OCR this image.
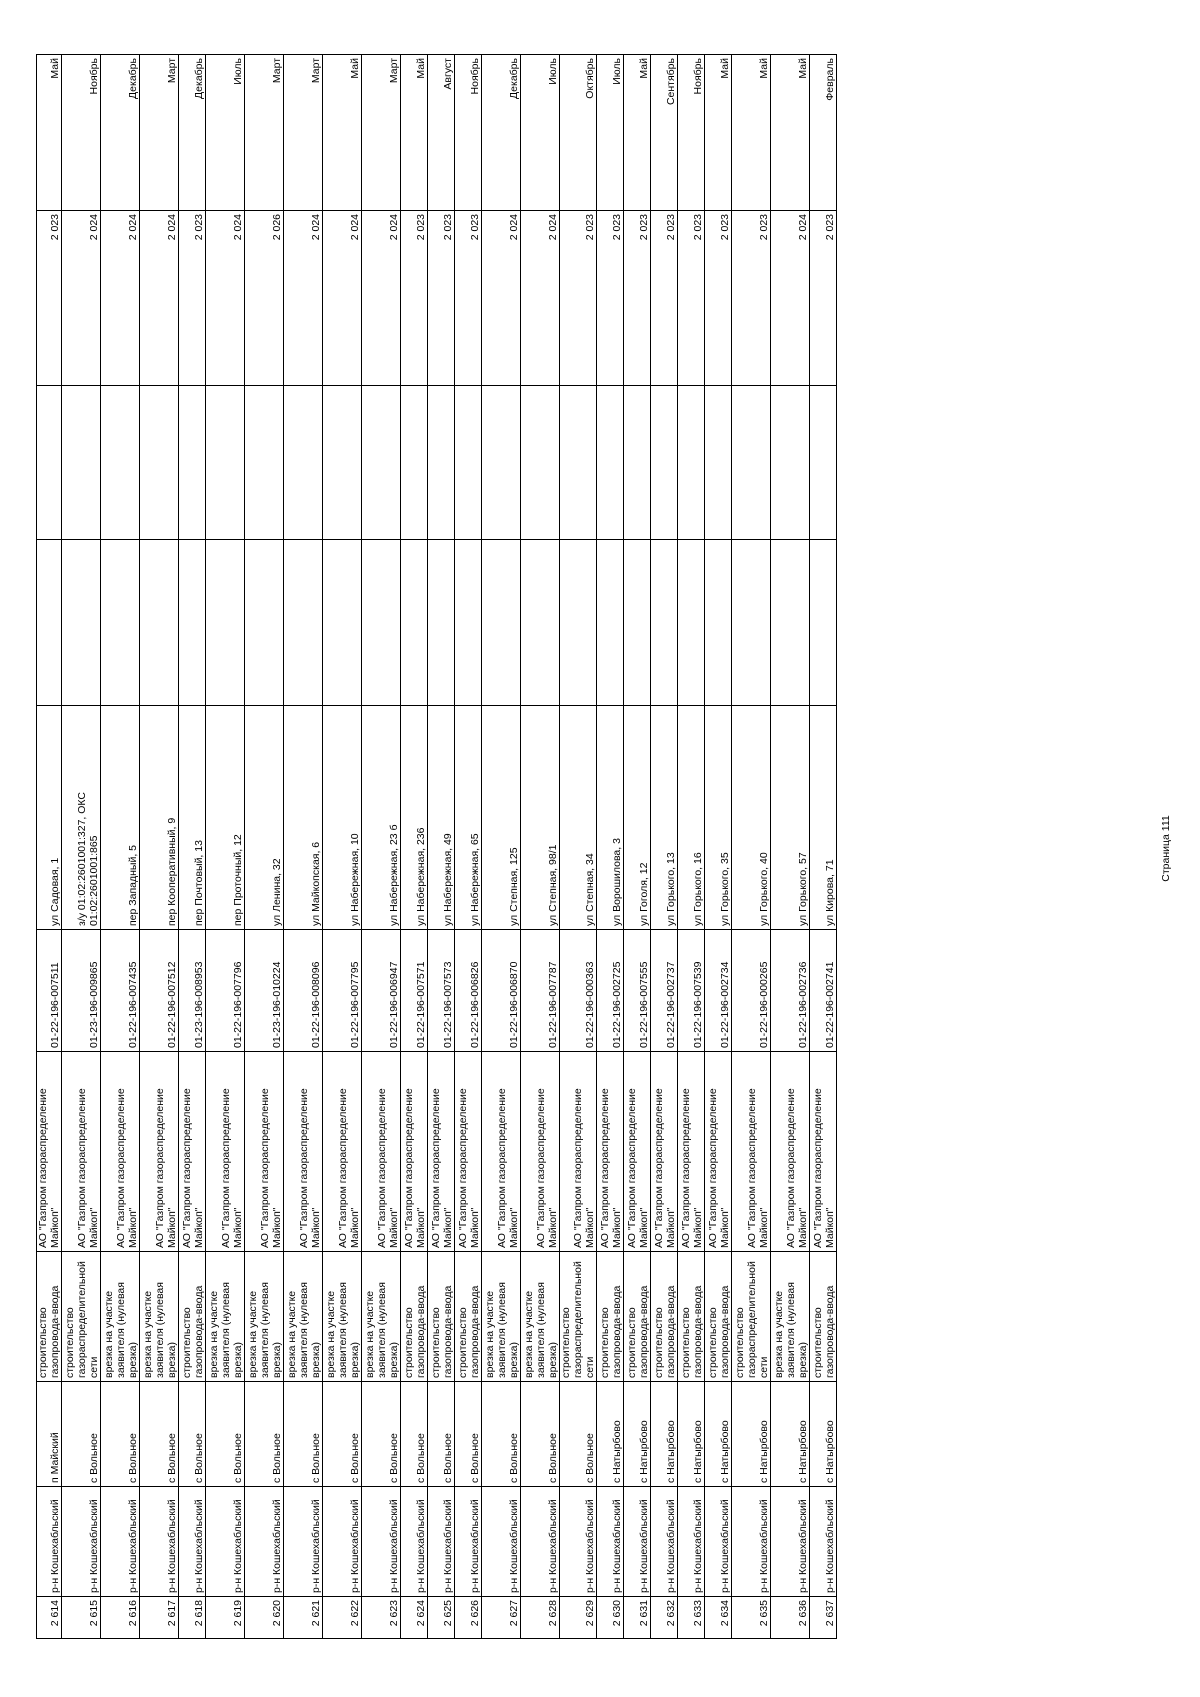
2 614	р-н Кошехабльский	п Майский	строительство газопровода-ввода	АО "Газпром газораспределение Майкоп"	01-22-196-007511	ул Садовая, 1			2 023	Май
2 615	р-н Кошехабльский	с Вольное	строительство газораспределительной сети	АО "Газпром газораспределение Майкоп"	01-23-196-009865	з/у 01:02:2601001:327, ОКС 01:02:2601001:865			2 024	Ноябрь
2 616	р-н Кошехабльский	с Вольное	врезка на участке заявителя (нулевая врезка)	АО "Газпром газораспределение Майкоп"	01-22-196-007435	пер Западный, 5			2 024	Декабрь
2 617	р-н Кошехабльский	с Вольное	врезка на участке заявителя (нулевая врезка)	АО "Газпром газораспределение Майкоп"	01-22-196-007512	пер Кооперативный, 9			2 024	Март
2 618	р-н Кошехабльский	с Вольное	строительство газопровода-ввода	АО "Газпром газораспределение Майкоп"	01-23-196-008953	пер Почтовый, 13			2 023	Декабрь
2 619	р-н Кошехабльский	с Вольное	врезка на участке заявителя (нулевая врезка)	АО "Газпром газораспределение Майкоп"	01-22-196-007796	пер Проточный, 12			2 024	Июль
2 620	р-н Кошехабльский	с Вольное	врезка на участке заявителя (нулевая врезка)	АО "Газпром газораспределение Майкоп"	01-23-196-010224	ул Ленина, 32			2 026	Март
2 621	р-н Кошехабльский	с Вольное	врезка на участке заявителя (нулевая врезка)	АО "Газпром газораспределение Майкоп"	01-22-196-008096	ул Майкопская, 6			2 024	Март
2 622	р-н Кошехабльский	с Вольное	врезка на участке заявителя (нулевая врезка)	АО "Газпром газораспределение Майкоп"	01-22-196-007795	ул Набережная, 10			2 024	Май
2 623	р-н Кошехабльский	с Вольное	врезка на участке заявителя (нулевая врезка)	АО "Газпром газораспределение Майкоп"	01-22-196-006947	ул Набережная, 23 б			2 024	Март
2 624	р-н Кошехабльский	с Вольное	строительство газопровода-ввода	АО "Газпром газораспределение Майкоп"	01-22-196-007571	ул Набережная, 236			2 023	Май
2 625	р-н Кошехабльский	с Вольное	строительство газопровода-ввода	АО "Газпром газораспределение Майкоп"	01-22-196-007573	ул Набережная, 49			2 023	Август
2 626	р-н Кошехабльский	с Вольное	строительство газопровода-ввода	АО "Газпром газораспределение Майкоп"	01-22-196-006826	ул Набережная, 65			2 023	Ноябрь
2 627	р-н Кошехабльский	с Вольное	врезка на участке заявителя (нулевая врезка)	АО "Газпром газораспределение Майкоп"	01-22-196-006870	ул Степная, 125			2 024	Декабрь
2 628	р-н Кошехабльский	с Вольное	врезка на участке заявителя (нулевая врезка)	АО "Газпром газораспределение Майкоп"	01-22-196-007787	ул Степная, 98/1			2 024	Июль
2 629	р-н Кошехабльский	с Вольное	строительство газораспределительной сети	АО "Газпром газораспределение Майкоп"	01-22-196-000363	ул Степная, 34			2 023	Октябрь
2 630	р-н Кошехабльский	с Натырбово	строительство газопровода-ввода	АО "Газпром газораспределение Майкоп"	01-22-196-002725	ул Ворошилова, 3			2 023	Июль
2 631	р-н Кошехабльский	с Натырбово	строительство газопровода-ввода	АО "Газпром газораспределение Майкоп"	01-22-196-007555	ул Гоголя, 12			2 023	Май
2 632	р-н Кошехабльский	с Натырбово	строительство газопровода-ввода	АО "Газпром газораспределение Майкоп"	01-22-196-002737	ул Горького, 13			2 023	Сентябрь
2 633	р-н Кошехабльский	с Натырбово	строительство газопровода-ввода	АО "Газпром газораспределение Майкоп"	01-22-196-007539	ул Горького, 16			2 023	Ноябрь
2 634	р-н Кошехабльский	с Натырбово	строительство газопровода-ввода	АО "Газпром газораспределение Майкоп"	01-22-196-002734	ул Горького, 35			2 023	Май
2 635	р-н Кошехабльский	с Натырбово	строительство газораспределительной сети	АО "Газпром газораспределение Майкоп"	01-22-196-000265	ул Горького, 40			2 023	Май
2 636	р-н Кошехабльский	с Натырбово	врезка на участке заявителя (нулевая врезка)	АО "Газпром газораспределение Майкоп"	01-22-196-002736	ул Горького, 57			2 024	Май
2 637	р-н Кошехабльский	с Натырбово	строительство газопровода-ввода	АО "Газпром газораспределение Майкоп"	01-22-196-002741	ул Кирова, 71			2 023	Февраль
Страница 111
